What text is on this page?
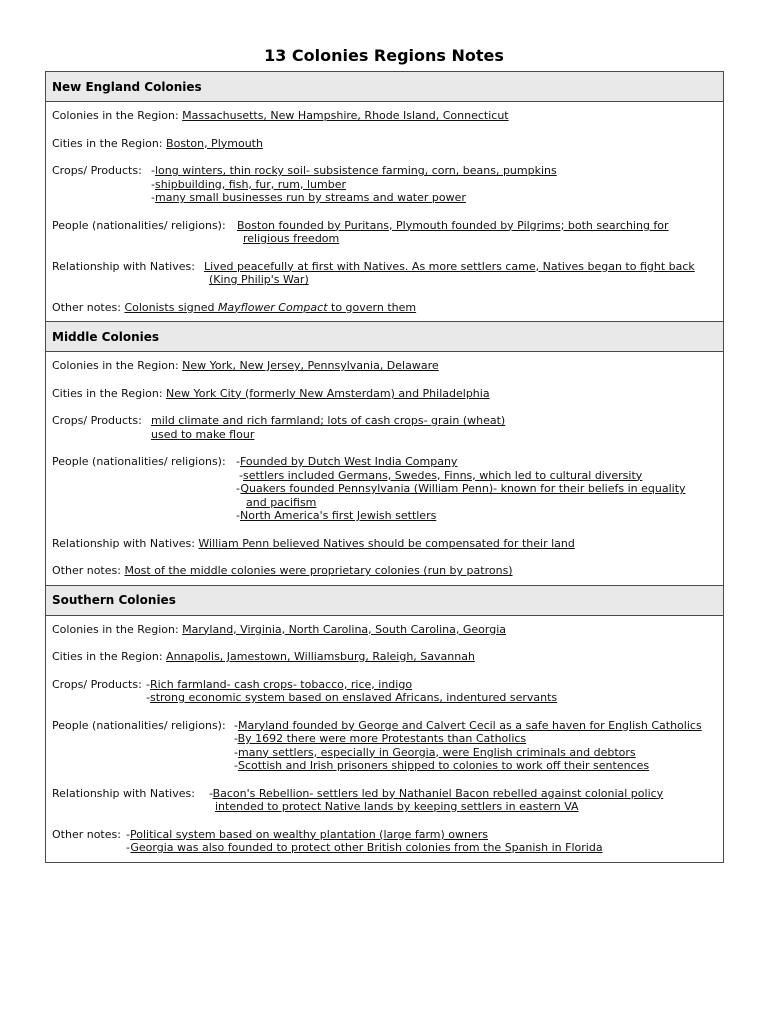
13 Colonies Regions Notes
New England Colonies

Colonies in the Region: Massachusetts, New Hampshire, Rhode Island, Connecticut
Cities in the Region: Boston, Plymouth
Crops/ Products: -long winters, thin rocky soil- subsistence farming, corn, beans, pumpkins
-shipbuilding, fish, fur, rum, lumber
-many small businesses run by streams and water power
People (nationalities/ religions):	Boston founded by Puritans, Plymouth founded by Pilgrims; both searching for
religious freedom
Relationship with Natives: Lived peacefully at first with Natives. As more settlers came, Natives began to fight back
(King Philip's War)
Other notes: Colonists signed Mayflower Compact to govern them

Middle Colonies

Colonies in the Region: New York, New Jersey, Pennsylvania, Delaware
Cities in the Region: New York City (formerly New Amsterdam) and Philadelphia
Crops/ Products: mild climate and rich farmland; lots of cash crops- grain (wheat)
used to make flour
People (nationalities/ religions): -Founded by Dutch West India Company
-settlers included Germans, Swedes, Finns, which led to cultural diversity
-Quakers founded Pennsylvania (William Penn)- known for their beliefs in equality
and pacifism
-North America's first Jewish settlers
Relationship with Natives: William Penn believed Natives should be compensated for their land
Other notes: Most of the middle colonies were proprietary colonies (run by patrons)

Southern Colonies

Colonies in the Region: Maryland, Virginia, North Carolina, South Carolina, Georgia
Cities in the Region: Annapolis, Jamestown, Williamsburg, Raleigh, Savannah
Crops/ Products: -Rich farmland- cash crops- tobacco, rice, indigo
-strong economic system based on enslaved Africans, indentured servants
People (nationalities/ religions): -Maryland founded by George and Calvert Cecil as a safe haven for English Catholics
-By 1692 there were more Protestants than Catholics
-many settlers, especially in Georgia, were English criminals and debtors
-Scottish and Irish prisoners shipped to colonies to work off their sentences
Relationship with Natives:	-Bacon's Rebellion- settlers led by Nathaniel Bacon rebelled against colonial policy
intended to protect Native lands by keeping settlers in eastern VA
Other notes: -Political system based on wealthy plantation (large farm) owners
-Georgia was also founded to protect other British colonies from the Spanish in Florida
